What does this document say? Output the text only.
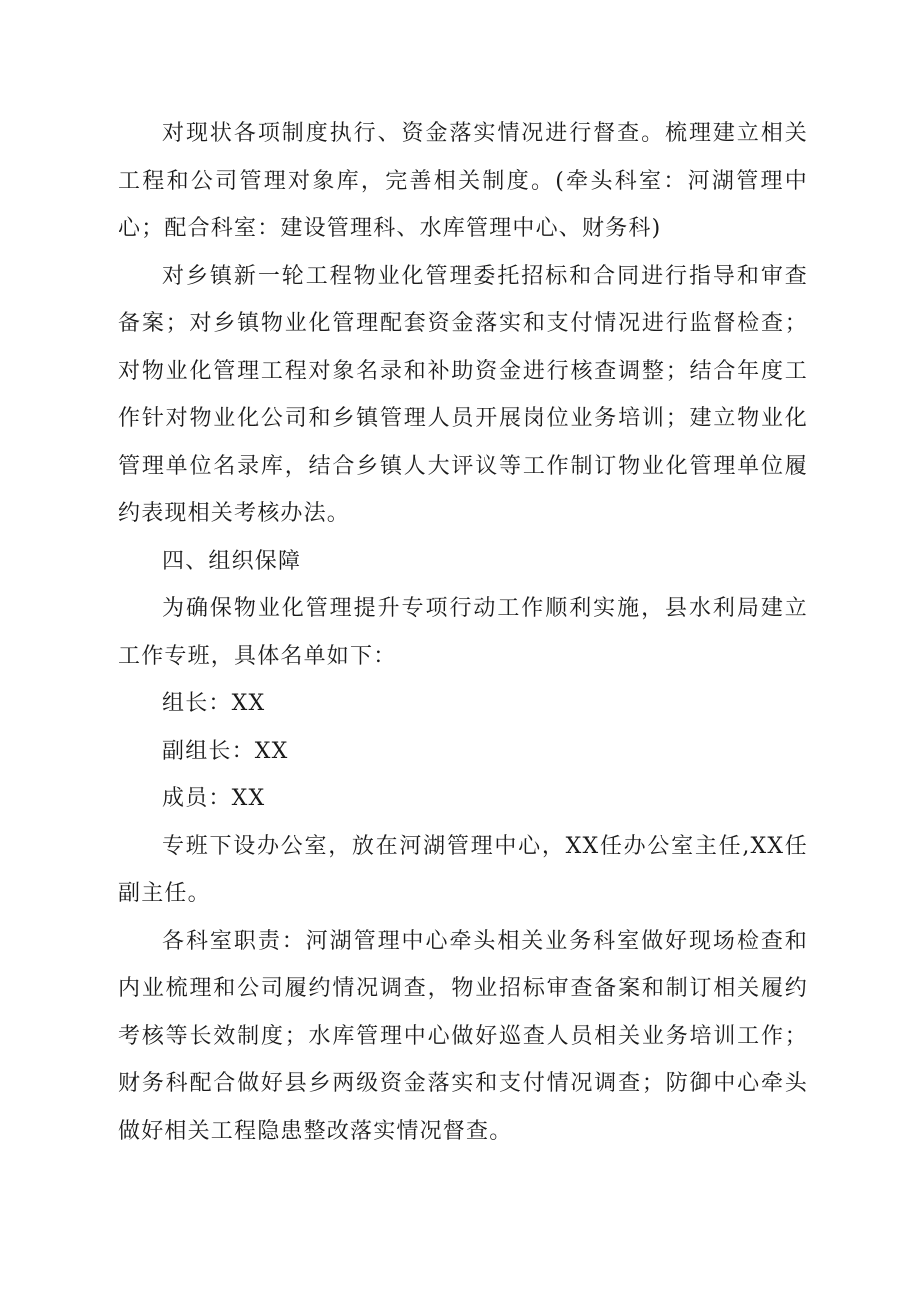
对现状各项制度执行、资金落实情况进行督查。梳理建立相关工程和公司管理对象库，完善相关制度。(牵头科室：河湖管理中心；配合科室：建设管理科、水库管理中心、财务科)

对乡镇新一轮工程物业化管理委托招标和合同进行指导和审查备案；对乡镇物业化管理配套资金落实和支付情况进行监督检查；对物业化管理工程对象名录和补助资金进行核查调整；结合年度工作针对物业化公司和乡镇管理人员开展岗位业务培训；建立物业化管理单位名录库，结合乡镇人大评议等工作制订物业化管理单位履约表现相关考核办法。

四、组织保障

为确保物业化管理提升专项行动工作顺利实施，县水利局建立工作专班，具体名单如下：

组长：XX

副组长：XX

成员：XX

专班下设办公室，放在河湖管理中心，XX任办公室主任,XX任副主任。

各科室职责：河湖管理中心牵头相关业务科室做好现场检查和内业梳理和公司履约情况调查，物业招标审查备案和制订相关履约考核等长效制度；水库管理中心做好巡查人员相关业务培训工作；财务科配合做好县乡两级资金落实和支付情况调查；防御中心牵头做好相关工程隐患整改落实情况督查。
